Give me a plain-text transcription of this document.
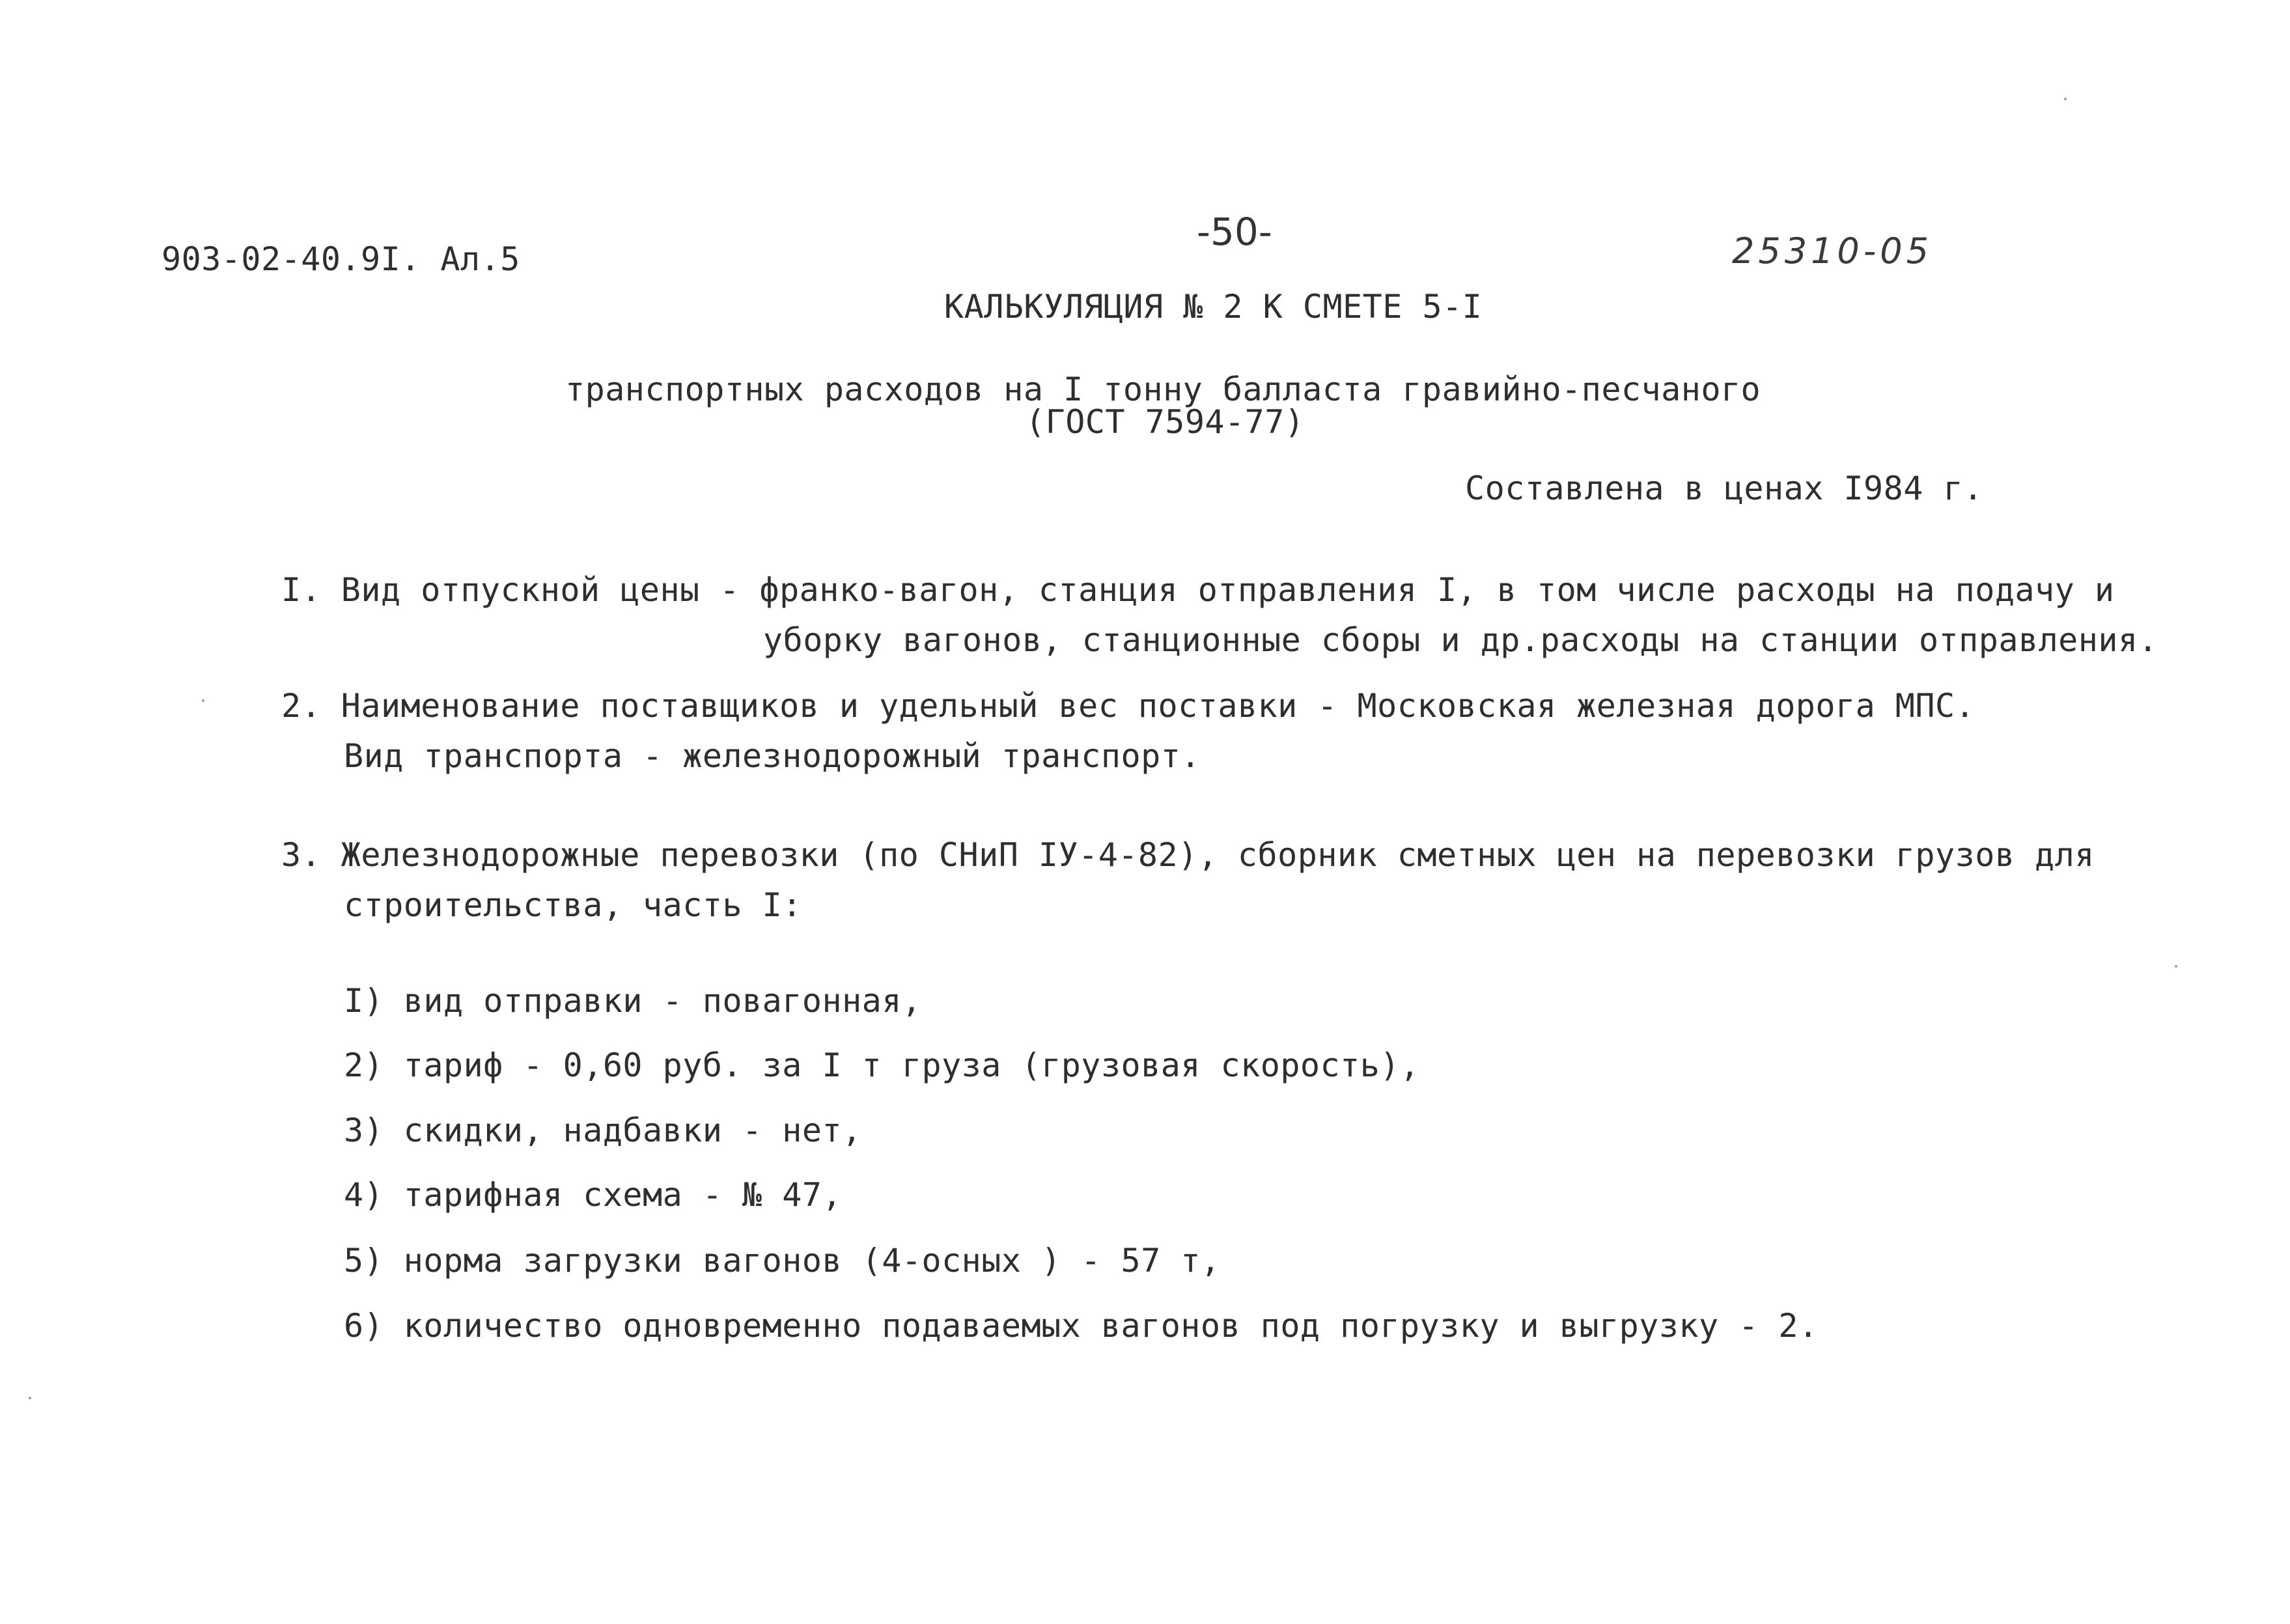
903-02-40.9I. Ал.5
-50-	25310-05
КАЛЬКУЛЯЦИЯ № 2 К СМЕТЕ 5-I
транспортных расходов на I тонну балласта гравийно-песчаного
(ГОСТ 7594-77)
Составлена в ценах I984 г.
I. Вид отпускной цены - франко-вагон, станция отправления I, в том числе расходы на подачу и
уборку вагонов, станционные сборы и др.расходы на станции отправления.
2. Наименование поставщиков и удельный вес поставки - Московская железная дорога МПС.
Вид транспорта - железнодорожный транспорт.
3. Железнодорожные перевозки (по СНиП IУ-4-82), сборник сметных цен на перевозки грузов для
строительства, часть I:
I) вид отправки - повагонная,
2) тариф - 0,60 руб. за I т груза (грузовая скорость),
3) скидки, надбавки - нет,
4) тарифная схема - № 47,
5) норма загрузки вагонов (4-осных ) - 57 т,
6) количество одновременно подаваемых вагонов под погрузку и выгрузку - 2.
